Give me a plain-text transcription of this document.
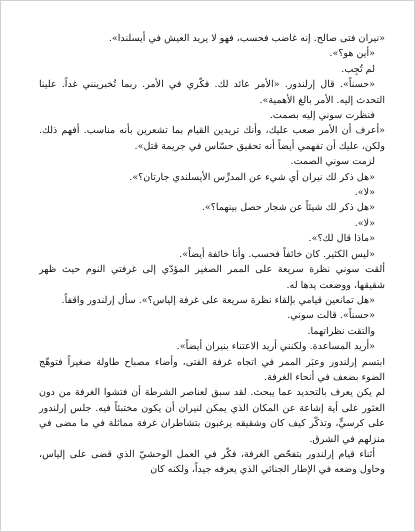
«نيران فتى صالح. إنه غاضب فحسب، فهو لا يريد العيش في أيسلندا».

«أين هو؟».

لم تُجِب.

«حسناً». قال إرلندور. «الأمر عائد لك. فكّري في الأمر. ربما تُخبرينني غداً. علينا التحدث إليه. الأمر بالغ الأهمية».

فنظرت سوني إليه بصمت.

«أعرف أن الأمر صعب عليك، وأنك تريدين القيام بما تشعرين بأنه مناسب. أفهم ذلك. ولكن، عليك أن تفهمي أيضاً أنه تحقيق حسّاس في جريمة قتل».

لزمت سوني الصمت.

«هل ذكر لك نيران أي شيء عن المدرِّس الأيسلندي جارتان؟».

«لا».

«هل ذكر لك شيئاً عن شجار حصل بينهما؟».

«لا».

«ماذا قال لك؟».

«ليس الكثير. كان خائفاً فحسب. وأنا خائفة أيضاً».

ألقت سوني نظرة سريعة على الممر الصغير المؤدّي إلى غرفتي النوم حيث ظهر شقيقها، ووضعت يدها له.

«هل تمانعين قيامي بإلقاء نظرة سريعة على غرفة إلياس؟». سأل إرلندور واقفاً.

«حسناً». قالت سوني.

والتقت نظراتهما.

«أريد المساعدة. ولكنني أريد الاعتناء بنيران أيضاً».

ابتسم إرلندور وعبَر الممر في اتجاه غرفة الفتى، وأضاء مصباح طاولة صغيراً فتوهّج الضوء بضعف في أنحاء الغرفة.

لم يكن يعرف بالتحديد عما يبحث. لقد سبق لعناصر الشرطة أن فتشوا الغرفة من دون العثور على أية إشاعة عن المكان الذي يمكن لنيران أن يكون مختبئاً فيه. جلس إرلندور على كرسيٍّ، وتذكّر كيف كان وشقيقه يرغبون بتشاطران غرفة مماثلة في ما مضى في منزلهم في الشرق.

أثناء قيام إرلندور بتفحّص الغرفة، فكّر في العمل الوحشيّ الذي قضى على إلياس، وحاول وضعه في الإطار الجنائي الذي يعرفه جيداً، ولكنه كان
